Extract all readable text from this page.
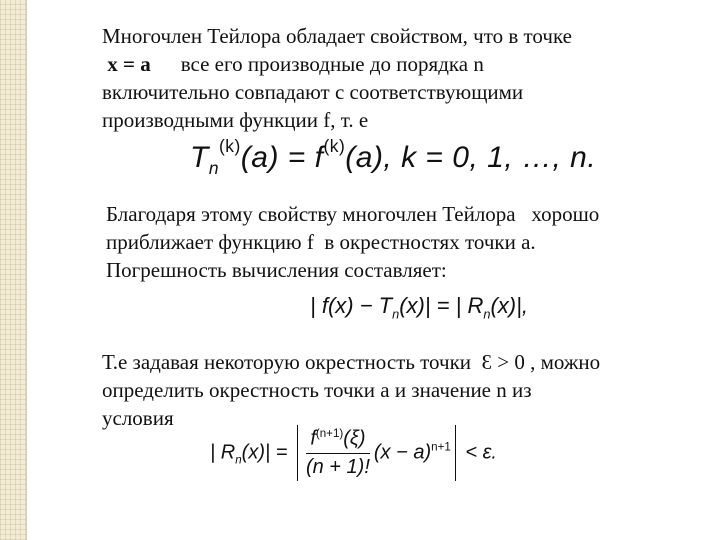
Многочлен Тейлора обладает свойством, что в точке
x = a все его производные до порядка n
включительно совпадают с соответствующими
производными функции f, т. е
$T_n^{(k)}(a) = f^{(k)}(a)$, k = 0, 1, …, n.
Благодаря этому свойству многочлен Тейлора   хорошо
приближает функцию f  в окрестностях точки a.
Погрешность вычисления составляет:
| $f(x) - T_n(x)|$ = | $R_n(x)|$,
Т.е задавая некоторую окрестность точки  Ɛ > 0 , можно
определить окрестность точки a и значение n из
условия
| $R_n(x)| = \frac{f^{(n+1)}(\xi)}{(n + 1)!} (x - a)^{n+1} < \varepsilon$.
